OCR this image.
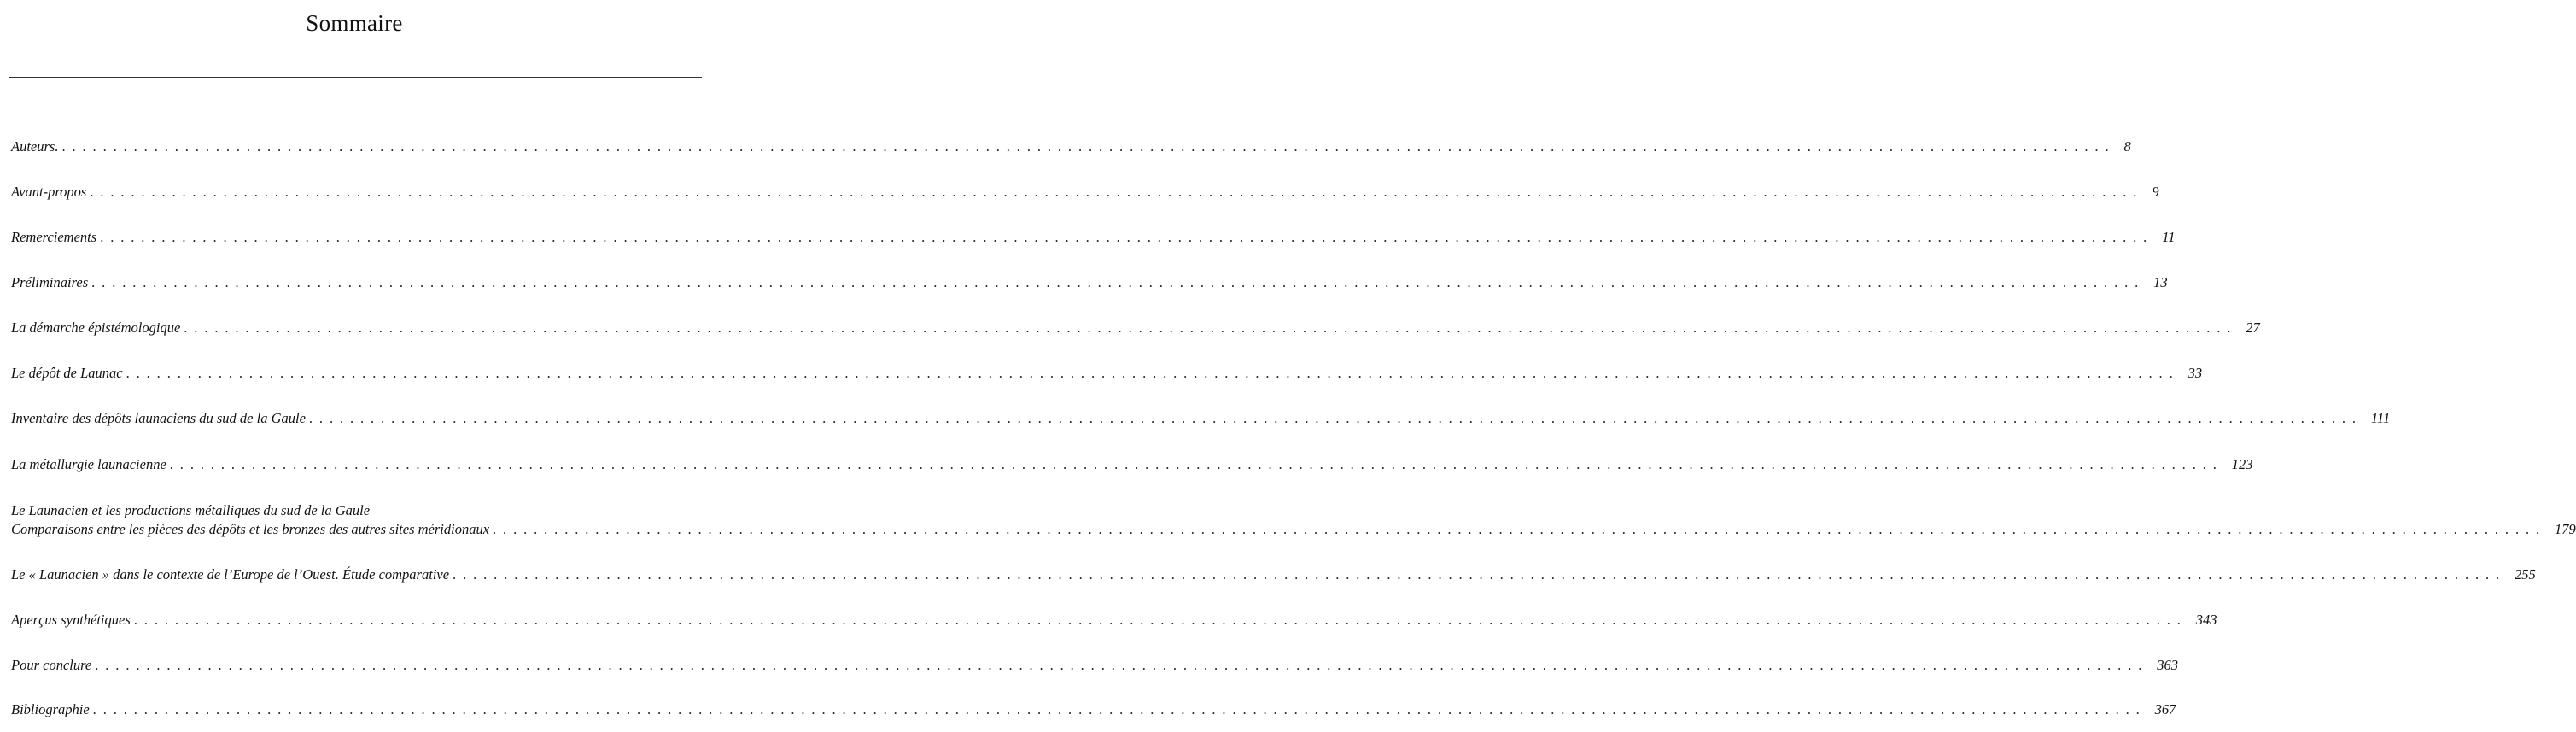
Sommaire
Auteurs. ........................................................................................................................................................................................................ 8
Avant-propos ........................................................................................................................................................................................................ 9
Remerciements ........................................................................................................................................................................................................ 11
Préliminaires ........................................................................................................................................................................................................ 13
La démarche épistémologique ........................................................................................................................................................................................................ 27
Le dépôt de Launac ........................................................................................................................................................................................................ 33
Inventaire des dépôts launaciens du sud de la Gaule ........................................................................................................................................................................................................ 111
La métallurgie launacienne ........................................................................................................................................................................................................ 123
Le Launacien et les productions métalliques du sud de la Gaule
Comparaisons entre les pièces des dépôts et les bronzes des autres sites méridionaux ........................................................................................................................................................................................................ 179
Le « Launacien » dans le contexte de l’Europe de l’Ouest. Étude comparative ........................................................................................................................................................................................................ 255
Aperçus synthétiques ........................................................................................................................................................................................................ 343
Pour conclure ........................................................................................................................................................................................................ 363
Bibliographie ........................................................................................................................................................................................................ 367
